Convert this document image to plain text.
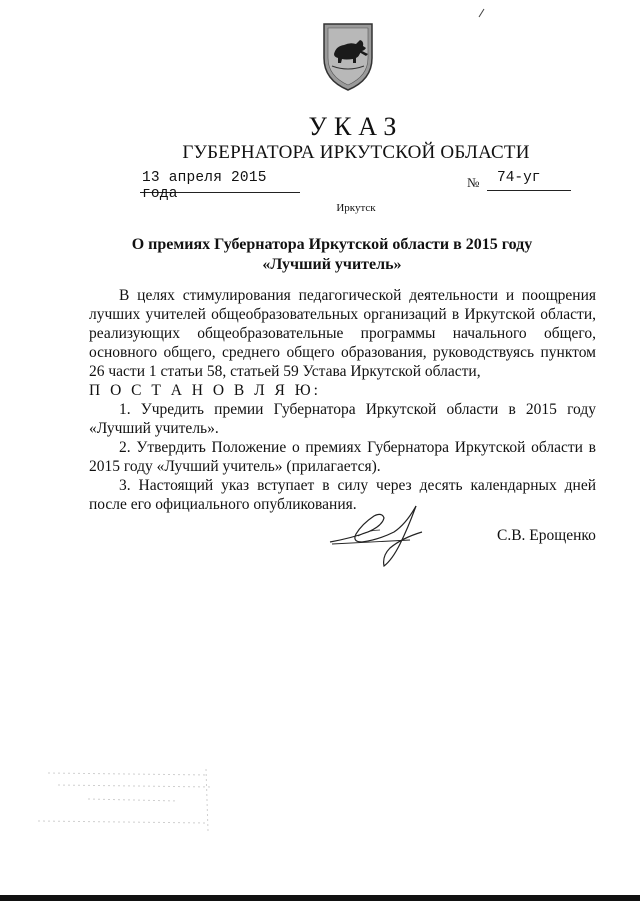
УКАЗ
ГУБЕРНАТОРА ИРКУТСКОЙ ОБЛАСТИ
13 апреля 2015 года
№ 74-уг
Иркутск
О премиях Губернатора Иркутской области в 2015 году
«Лучший учитель»

В целях стимулирования педагогической деятельности и поощрения лучших учителей общеобразовательных организаций в Иркутской области, реализующих общеобразовательные программы начального общего, основного общего, среднего общего образования, руководствуясь пунктом 26 части 1 статьи 58, статьей 59 Устава Иркутской области,

П О С Т А Н О В Л Я Ю:

1. Учредить премии Губернатора Иркутской области в 2015 году «Лучший учитель».

2. Утвердить Положение о премиях Губернатора Иркутской области в 2015 году «Лучший учитель» (прилагается).

3. Настоящий указ вступает в силу через десять календарных дней после его официального опубликования.

С.В. Ерощенко
